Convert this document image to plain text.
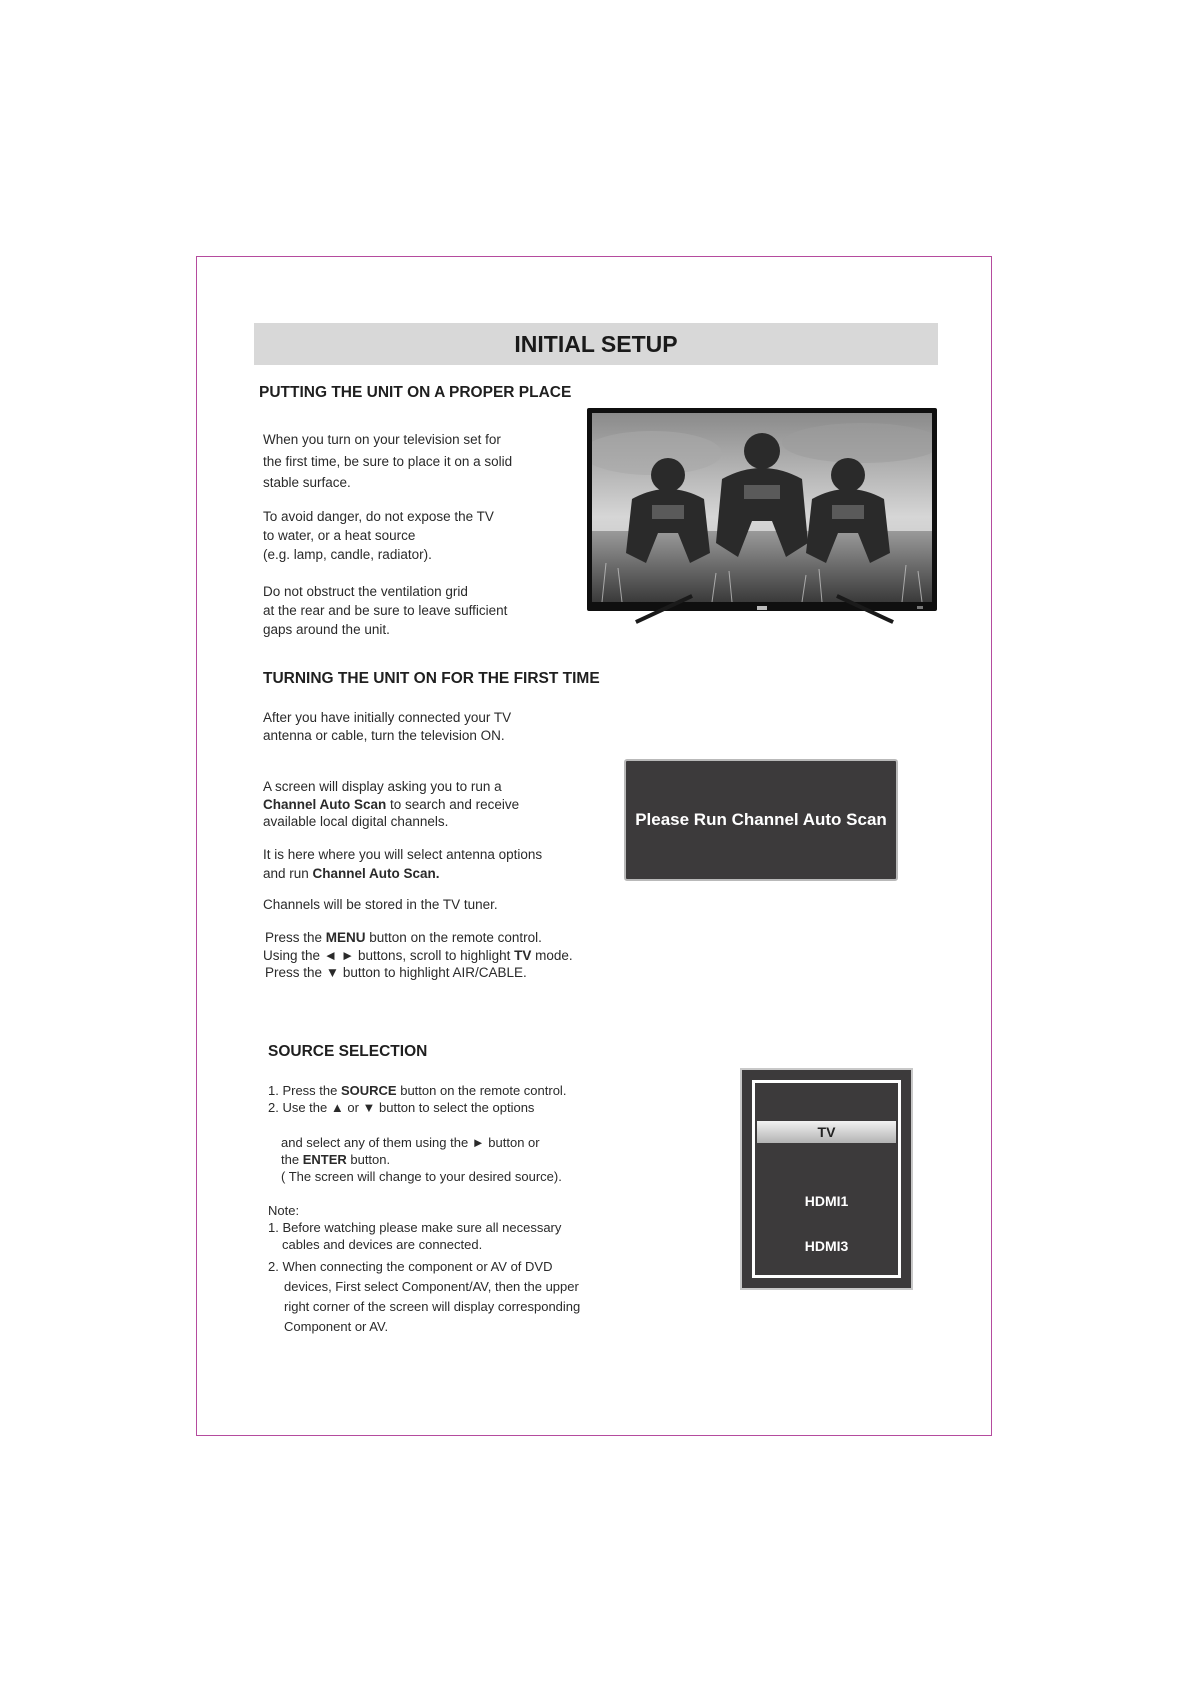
INITIAL SETUP
PUTTING THE UNIT ON A PROPER PLACE
When you turn on your television set for
the first time, be sure to place it on a solid
stable surface.
To avoid danger, do not expose the TV
to water, or a heat source
(e.g. lamp, candle, radiator).
Do not obstruct the ventilation grid
at the rear and be sure to leave sufficient
gaps around the unit.
TURNING THE UNIT ON FOR THE FIRST TIME
After you have initially connected your TV
antenna or cable, turn the television ON.
A screen will display asking you to run a
Channel Auto Scan to search and receive
available local digital channels.
It is here where you will select antenna options
and run Channel Auto Scan.
Channels will be stored in the TV tuner.
Press the MENU button on the remote control.
Using the ◄ ► buttons, scroll to highlight TV mode.
Press the ▼ button to highlight AIR/CABLE.
Please Run Channel Auto Scan
SOURCE SELECTION
1. Press the SOURCE button on the remote control.
2. Use the ▲ or ▼ button to select the options
and select any of them using the ► button or
the ENTER button.
( The screen will change to your desired source).
Note:
1. Before watching please make sure all necessary
cables and devices are connected.
2. When connecting the component or AV of DVD
devices, First select Component/AV, then the upper
right corner of the screen will display corresponding
Component or AV.
TV
HDMI1
HDMI3
